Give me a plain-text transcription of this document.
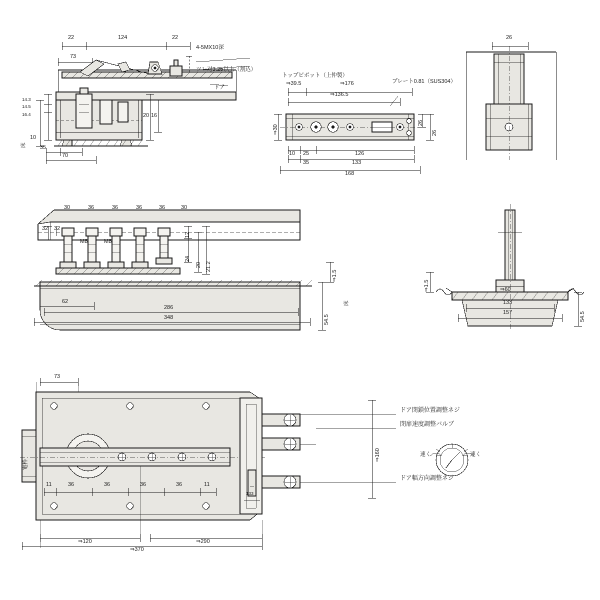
22	124	22
73
14.3
14.5
16.4	20 16
35
70
床
10
4-5MX10深
ツレ对3.25以上（割込）
ドア
トップピボット（上仲製）
プレート0.81（SUS304）
⇒39.5	⇒176
⇒136.5
⇒30
26
26
10 25	126
133
35
168
26
30	36	36	36	36	30
32 32
12
24
20 21.2
62
286
348	54.5
⇒1.5
床
M8	M8
⇒60
133
157	54.5
⇒1.5
73
11	36	36	36	36	11
⇒120
⇒370
⇒290
⇒160
133
電枠
ドア閉鎖位置調整ネジ
閉扉速度調整バルブ
ドア幅方向調整ネジ
速く	速く
